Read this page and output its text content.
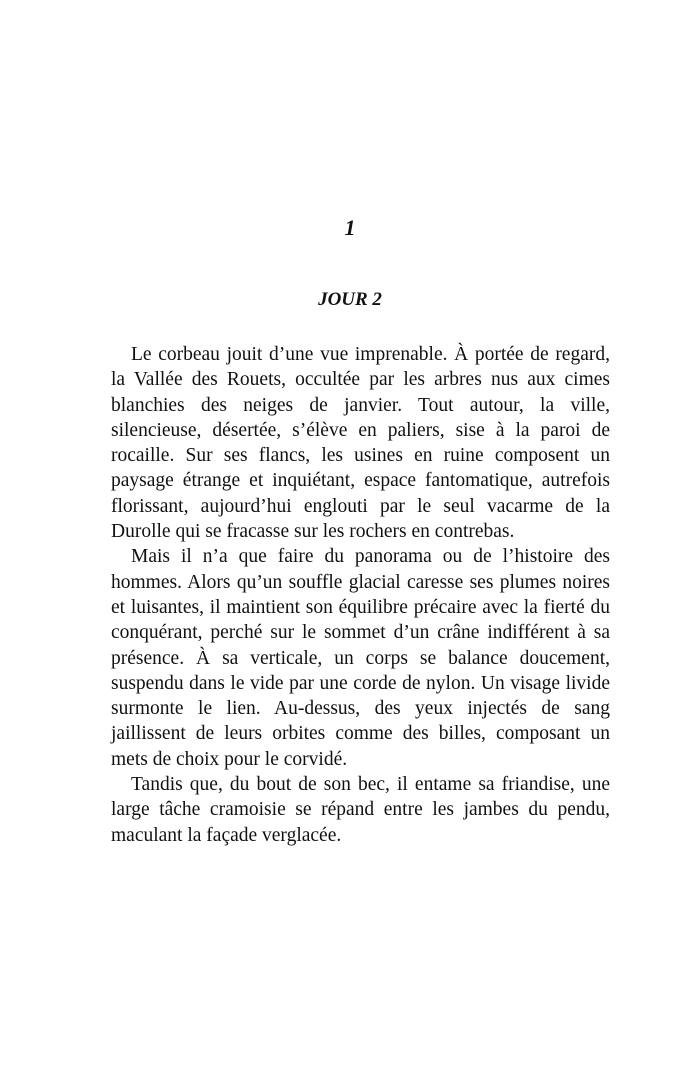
1
JOUR 2

Le corbeau jouit d’une vue imprenable. À portée de regard, la Vallée des Rouets, occultée par les arbres nus aux cimes blanchies des neiges de janvier. Tout autour, la ville, silencieuse, désertée, s’élève en paliers, sise à la paroi de rocaille. Sur ses flancs, les usines en ruine composent un paysage étrange et inquiétant, espace fantomatique, autrefois florissant, aujourd’hui englouti par le seul vacarme de la Durolle qui se fracasse sur les rochers en contrebas.

Mais il n’a que faire du panorama ou de l’histoire des hommes. Alors qu’un souffle glacial caresse ses plumes noires et luisantes, il maintient son équilibre précaire avec la fierté du conquérant, perché sur le sommet d’un crâne indifférent à sa présence. À sa verticale, un corps se balance doucement, suspendu dans le vide par une corde de nylon. Un visage livide surmonte le lien. Au-dessus, des yeux injectés de sang jaillissent de leurs orbites comme des billes, composant un mets de choix pour le corvidé.

Tandis que, du bout de son bec, il entame sa friandise, une large tâche cramoisie se répand entre les jambes du pendu, maculant la façade verglacée.
